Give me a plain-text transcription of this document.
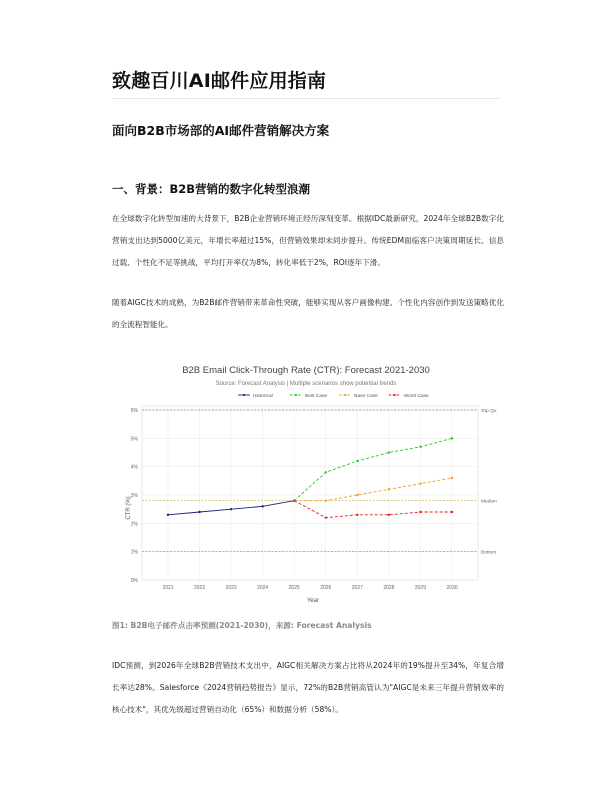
致趣百川AI邮件应用指南
面向B2B市场部的AI邮件营销解决方案
一、背景：B2B营销的数字化转型浪潮

在全球数字化转型加速的大背景下，B2B企业营销环境正经历深刻变革。根据IDC最新研究，2024年全球B2B数字化营销支出达到5000亿美元，年增长率超过15%，但营销效果却未同步提升。传统EDM面临客户决策周期延长、信息过载、个性化不足等挑战，平均打开率仅为8%，转化率低于2%，ROI逐年下滑。

随着AIGC技术的成熟，为B2B邮件营销带来革命性突破，能够实现从客户画像构建、个性化内容创作到发送策略优化的全流程智能化。

B2B Email Click-Through Rate (CTR): Forecast 2021-2030
Source: Forecast Analysis | Multiple scenarios show potential trends
Historical	Best Case	Base Case	Worst Case
Top Qu
Median
Bottom
0%
1%
2%
3%
4%
5%
6%
2021	2022	2023	2024	2025	2026	2027	2028	2029	2030
Year
CTR (%)

图1: B2B电子邮件点击率预测(2021-2030)，来源: Forecast Analysis

IDC预测，到2026年全球B2B营销技术支出中，AIGC相关解决方案占比将从2024年的19%提升至34%，年复合增长率达28%。Salesforce《2024营销趋势报告》显示，72%的B2B营销高管认为"AIGC是未来三年提升营销效率的核心技术"，其优先级超过营销自动化（65%）和数据分析（58%）。
